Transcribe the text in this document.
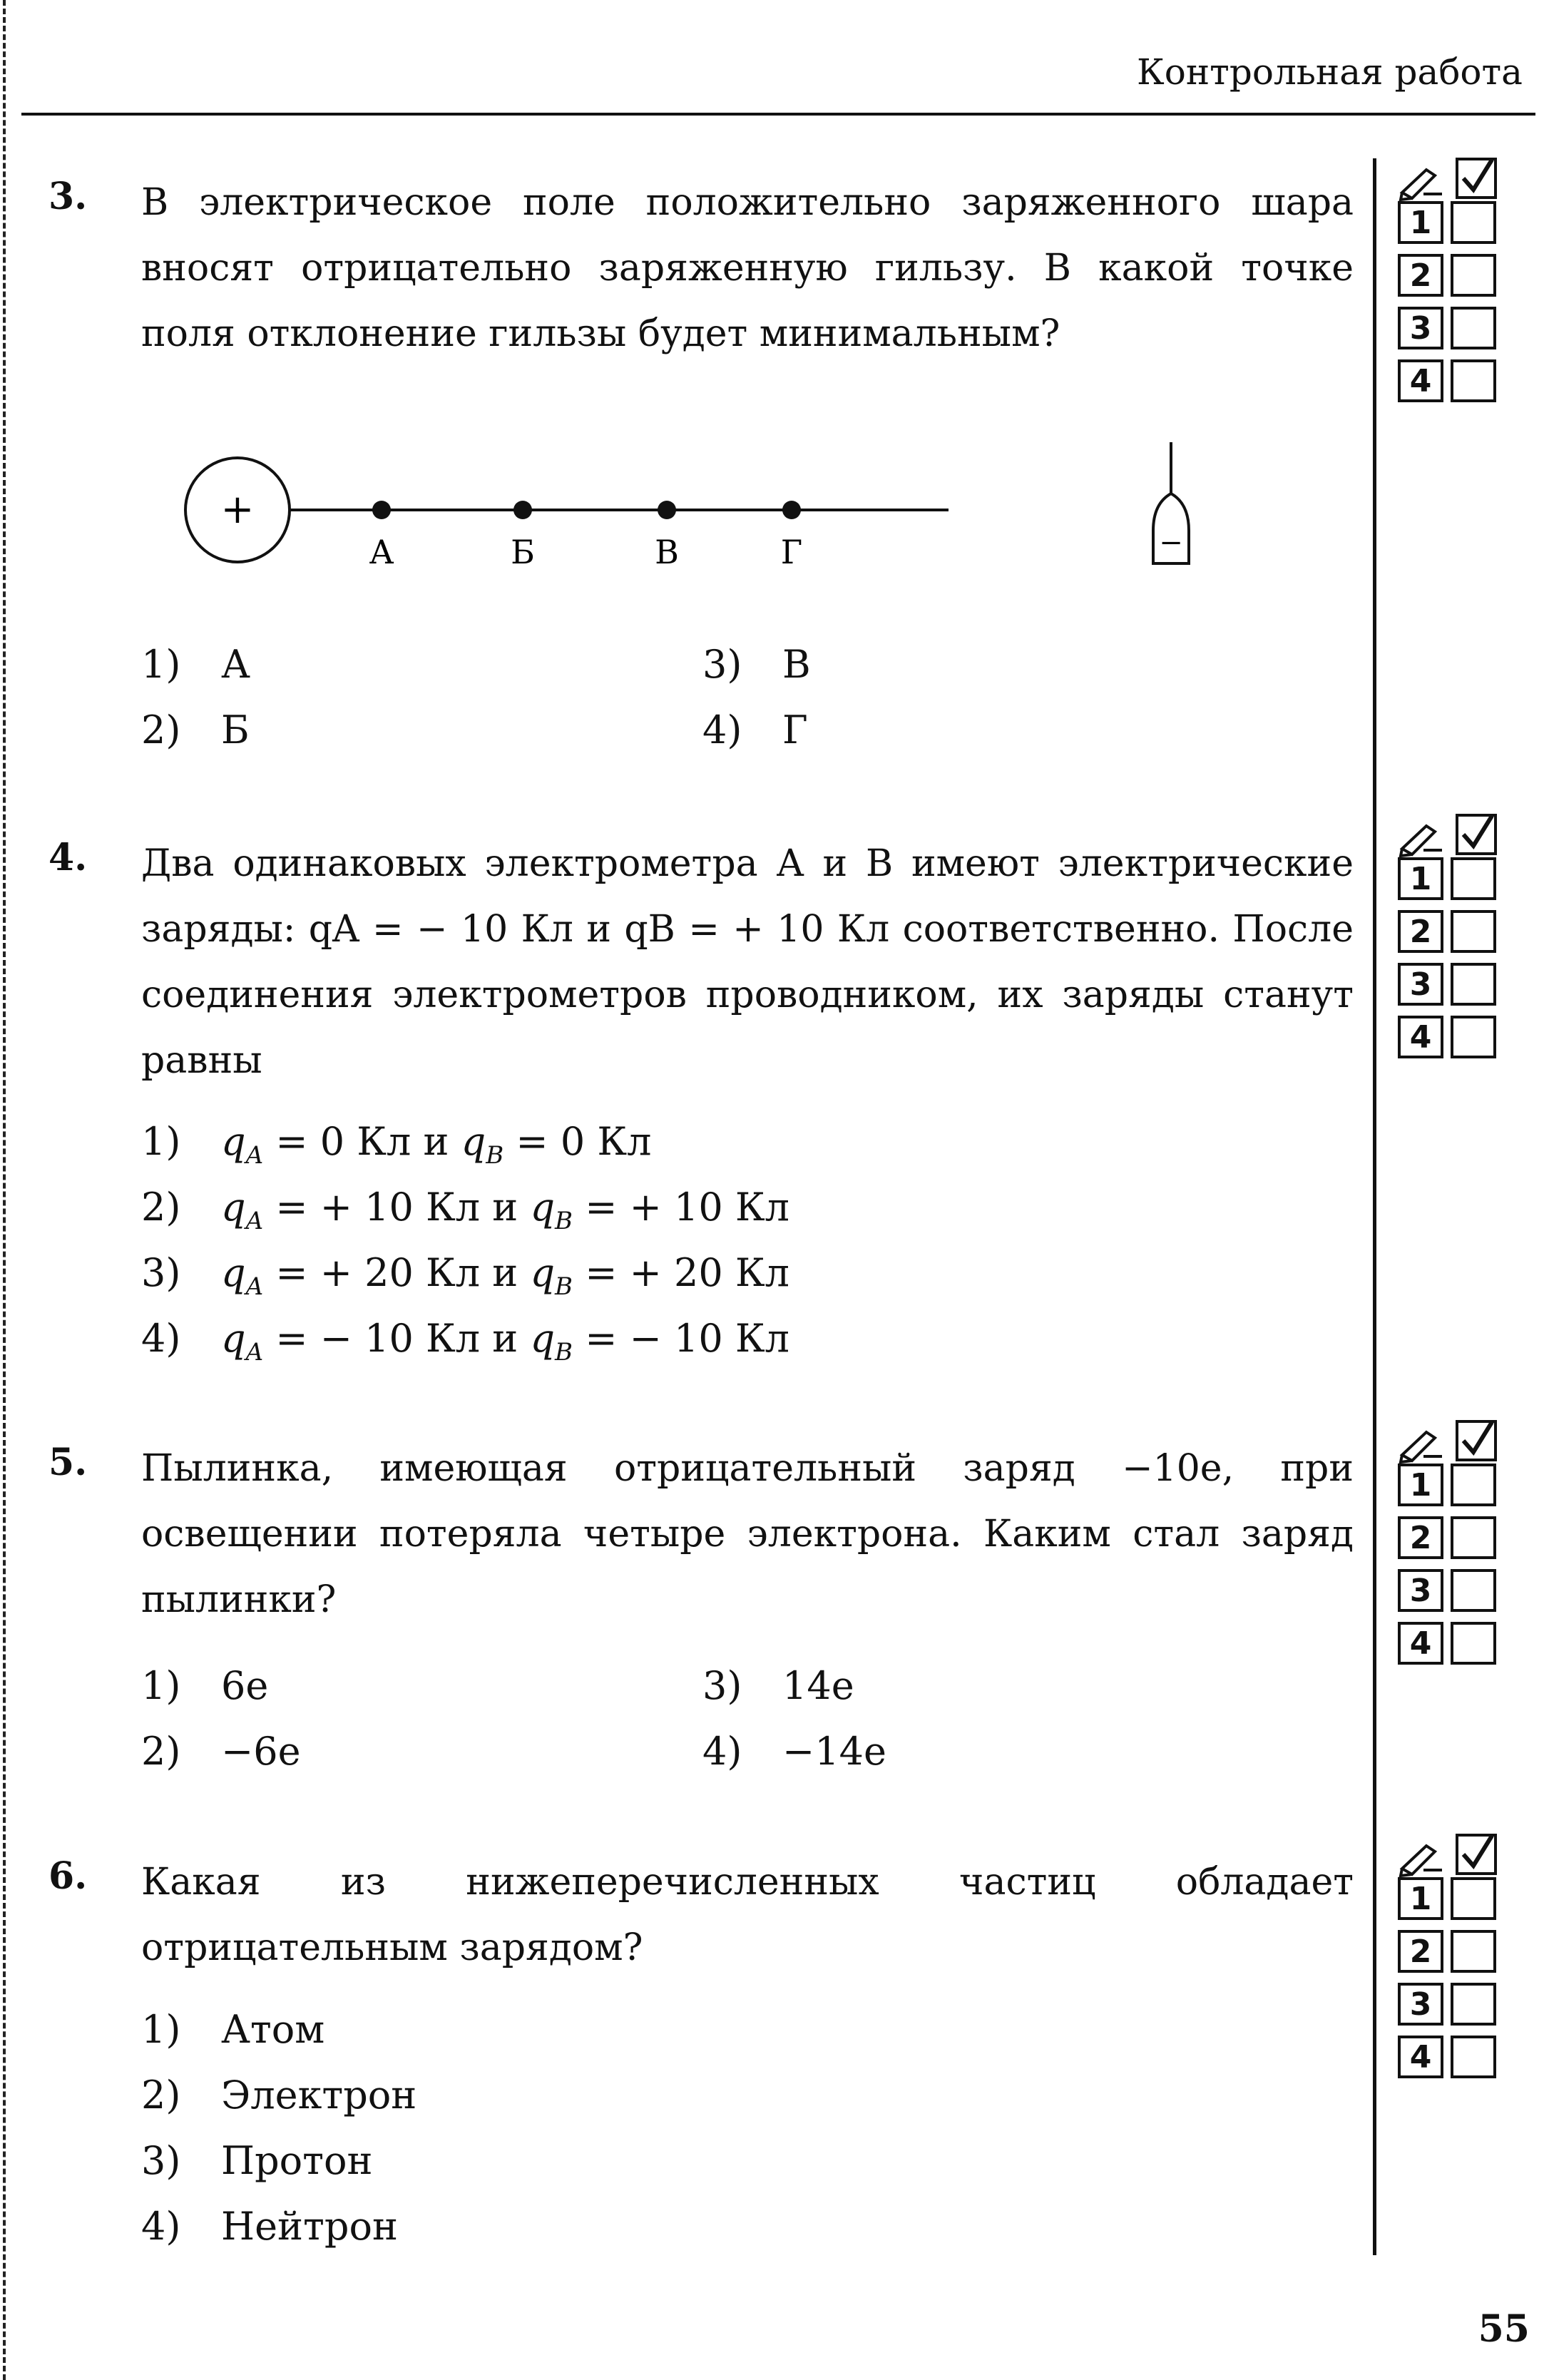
Контрольная работа
3. В электрическое поле положительно заряженного шара вносят отрицательно заряженную гильзу. В какой точке поля отклонение гильзы будет минимальным?
+
А	Б	В	Г	−
1) А
2) Б
3) В
4) Г
4. Два одинаковых электрометра А и В имеют электрические заряды: qA = − 10 Кл и qB = + 10 Кл соответственно. После соединения электрометров проводником, их заряды станут равны
1) $q_A = 0$ Кл и $q_B = 0$ Кл
2) $q_A$ = + 10 Кл и $q_B$ = + 10 Кл
3) $q_A$ = + 20 Кл и $q_B$ = + 20 Кл
4) $q_A$ = − 10 Кл и $q_B$ = − 10 Кл
5. Пылинка, имеющая отрицательный заряд −10e, при освещении потеряла четыре электрона. Каким стал заряд пылинки?
1) 6e
2) −6e
3) 14e
4) −14e
6. Какая из нижеперечисленных частиц обладает отрицательным зарядом?
1) Атом
2) Электрон
3) Протон
4) Нейтрон
1
2
3
4
1
2
3
4
1
2
3
4
1
2
3
4
55
